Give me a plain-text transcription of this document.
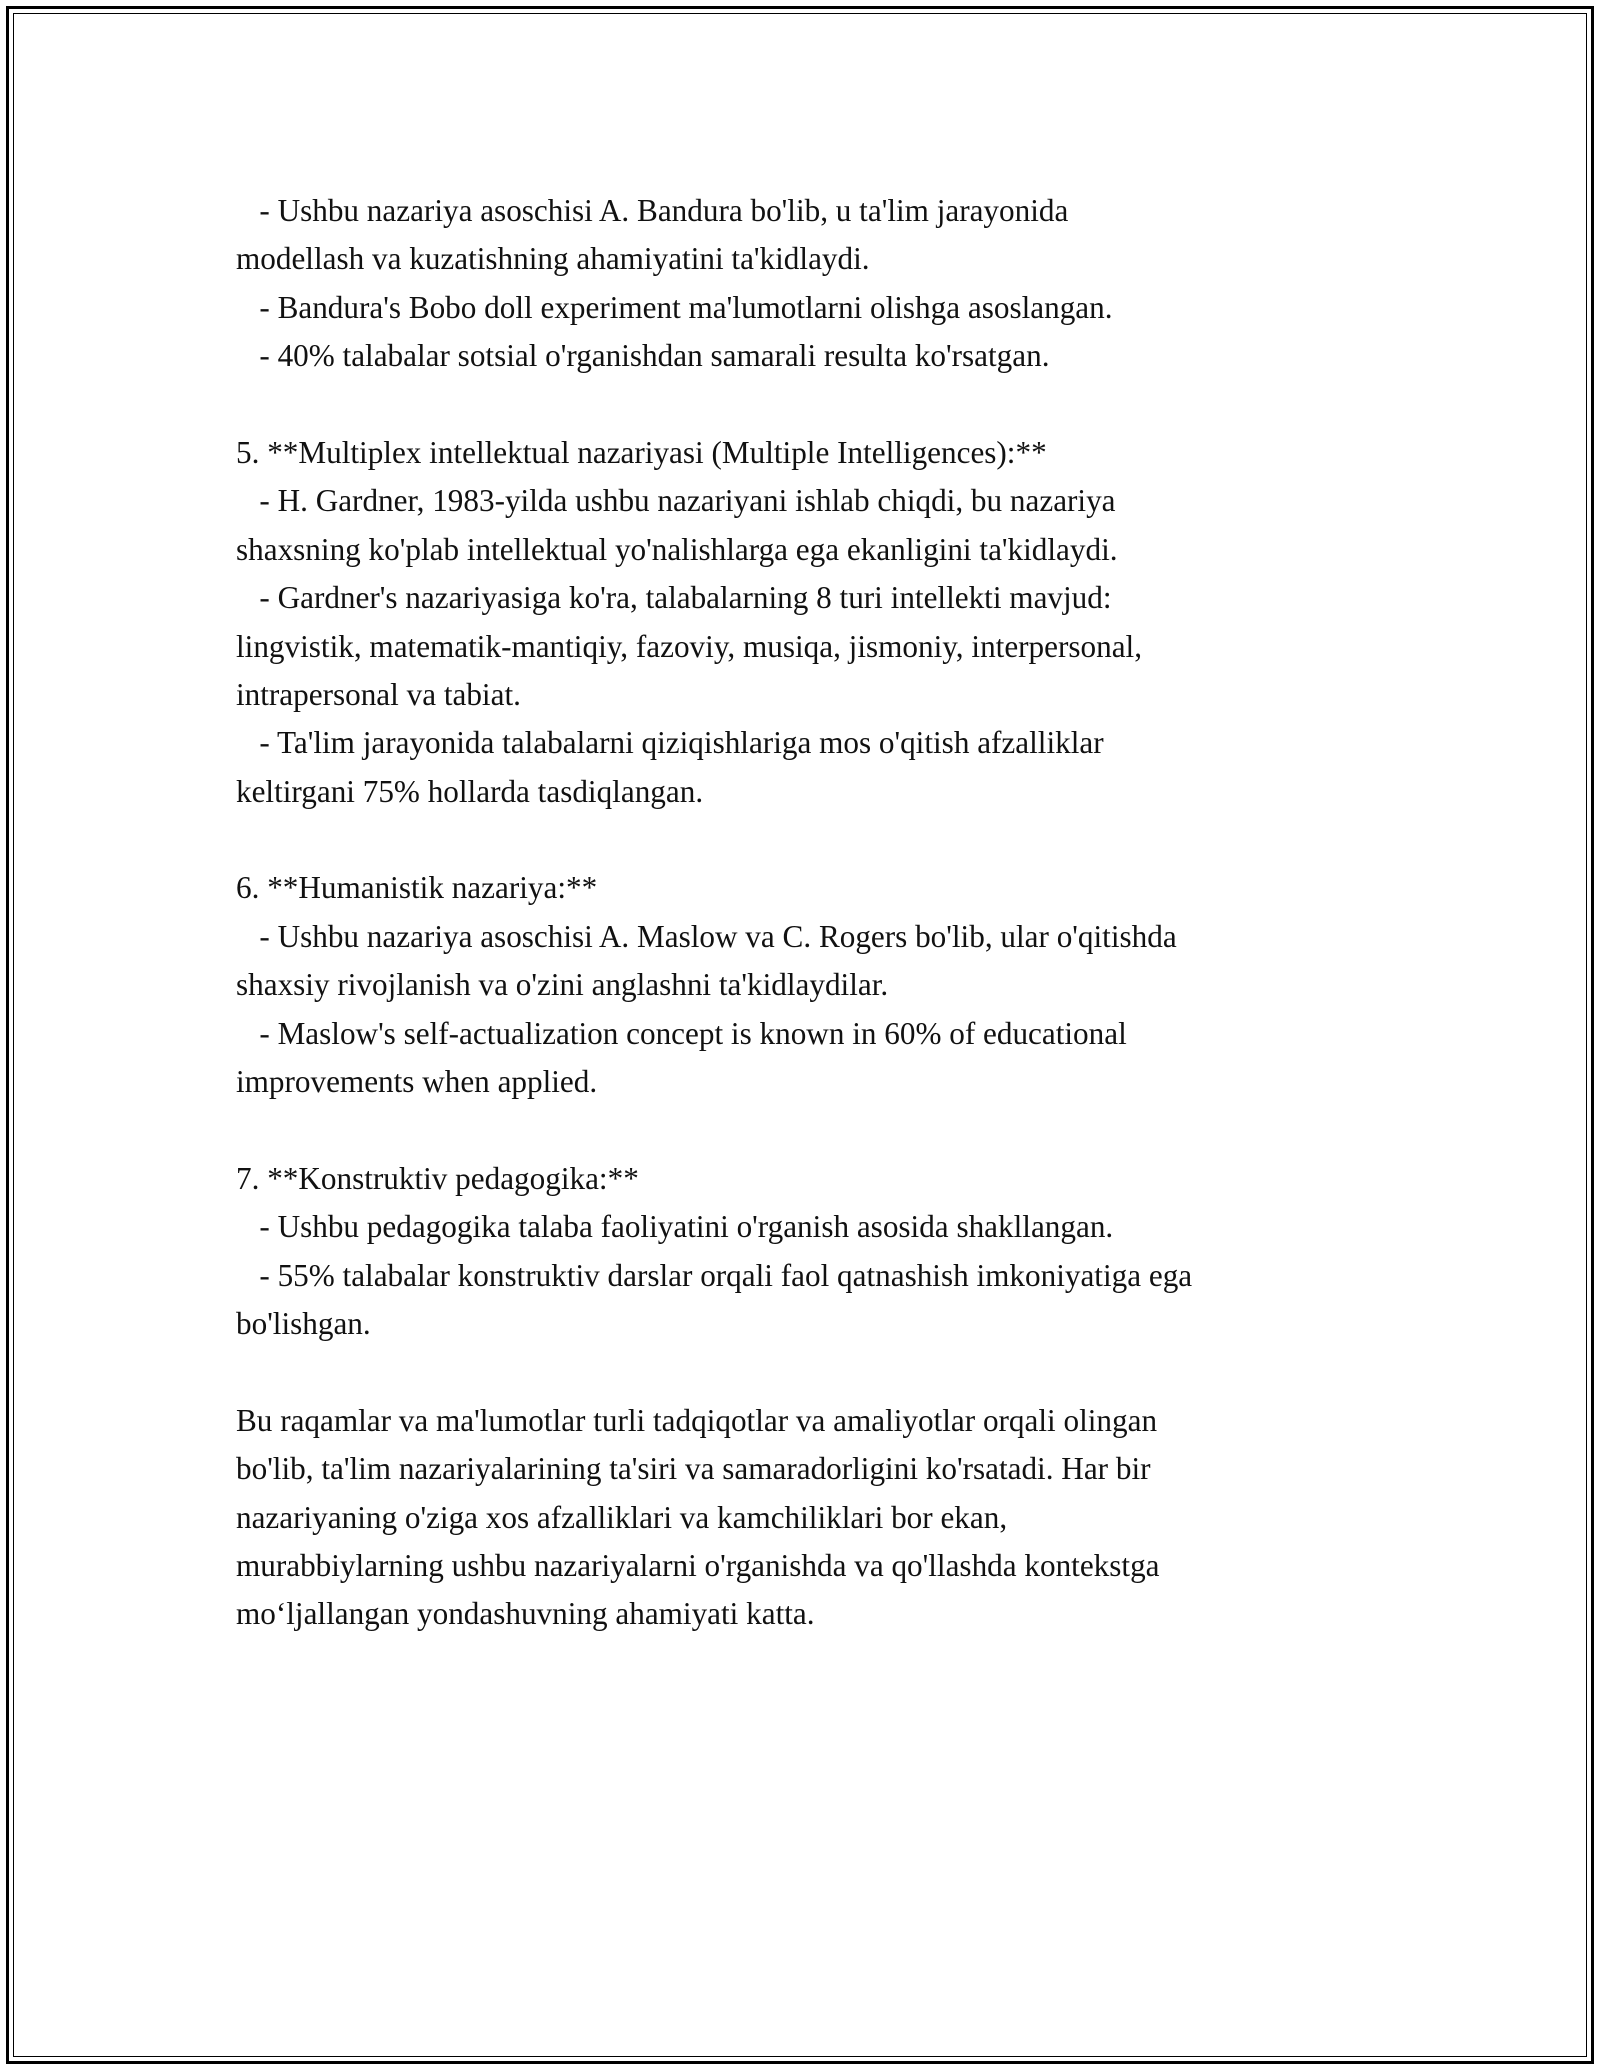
- Ushbu nazariya asoschisi A. Bandura bo'lib, u ta'lim jarayonida
modellash va kuzatishning ahamiyatini ta'kidlaydi.
- Bandura's Bobo doll experiment ma'lumotlarni olishga asoslangan.
- 40% talabalar sotsial o'rganishdan samarali resulta ko'rsatgan.
5. **Multiplex intellektual nazariyasi (Multiple Intelligences):**
- H. Gardner, 1983-yilda ushbu nazariyani ishlab chiqdi, bu nazariya
shaxsning ko'plab intellektual yo'nalishlarga ega ekanligini ta'kidlaydi.
- Gardner's nazariyasiga ko'ra, talabalarning 8 turi intellekti mavjud:
lingvistik, matematik-mantiqiy, fazoviy, musiqa, jismoniy, interpersonal,
intrapersonal va tabiat.
- Ta'lim jarayonida talabalarni qiziqishlariga mos o'qitish afzalliklar
keltirgani 75% hollarda tasdiqlangan.
6. **Humanistik nazariya:**
- Ushbu nazariya asoschisi A. Maslow va C. Rogers bo'lib, ular o'qitishda
shaxsiy rivojlanish va o'zini anglashni ta'kidlaydilar.
- Maslow's self-actualization concept is known in 60% of educational
improvements when applied.
7. **Konstruktiv pedagogika:**
- Ushbu pedagogika talaba faoliyatini o'rganish asosida shakllangan.
- 55% talabalar konstruktiv darslar orqali faol qatnashish imkoniyatiga ega
bo'lishgan.
Bu raqamlar va ma'lumotlar turli tadqiqotlar va amaliyotlar orqali olingan
bo'lib, ta'lim nazariyalarining ta'siri va samaradorligini ko'rsatadi. Har bir
nazariyaning o'ziga xos afzalliklari va kamchiliklari bor ekan,
murabbiylarning ushbu nazariyalarni o'rganishda va qo'llashda kontekstga
mo‘ljallangan yondashuvning ahamiyati katta.
